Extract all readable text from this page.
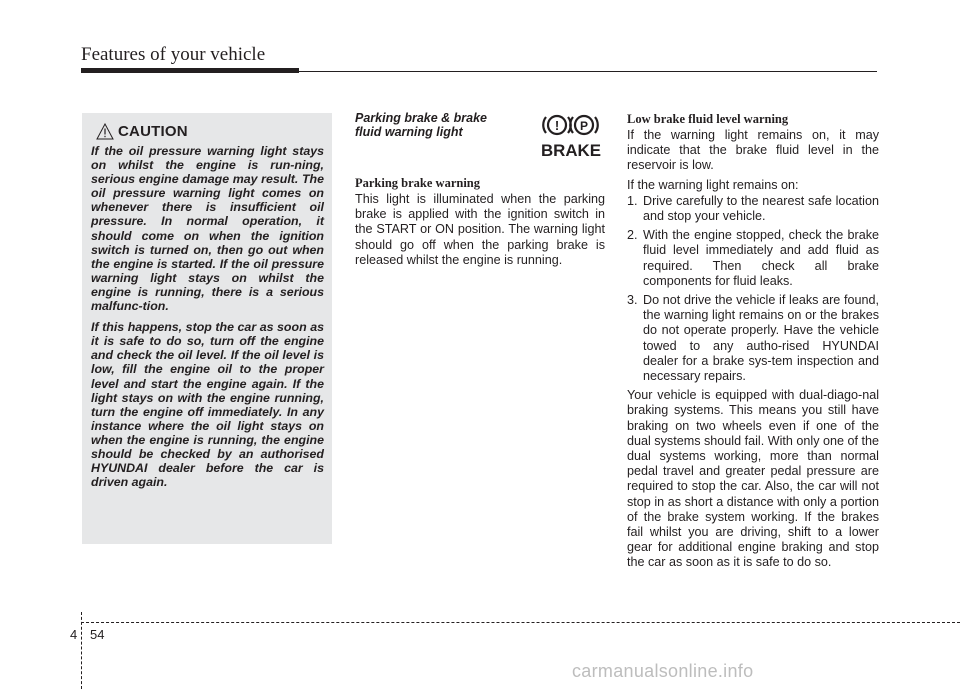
Features of your vehicle
CAUTION

If the oil pressure warning light stays on whilst the engine is run-ning, serious engine damage may result. The oil pressure warning light comes on whenever there is insufficient oil pressure. In normal operation, it should come on when the ignition switch is turned on, then go out when the engine is started. If the oil pressure warning light stays on whilst the engine is running, there is a serious malfunc-tion.

If this happens, stop the car as soon as it is safe to do so, turn off the engine and check the oil level. If the oil level is low, fill the engine oil to the proper level and start the engine again. If the light stays on with the engine running, turn the engine off immediately. In any instance where the oil light stays on when the engine is running, the engine should be checked by an authorised HYUNDAI dealer before the car is driven again.

Parking brake & brake fluid warning light
Parking brake warning

This light is illuminated when the parking brake is applied with the ignition switch in the START or ON position. The warning light should go off when the parking brake is released whilst the engine is running.

! P
BRAKE
Low brake fluid level warning

If the warning light remains on, it may indicate that the brake fluid level in the reservoir is low.

If the warning light remains on:

1. Drive carefully to the nearest safe location and stop your vehicle.
2. With the engine stopped, check the brake fluid level immediately and add fluid as required. Then check all brake components for fluid leaks.
3. Do not drive the vehicle if leaks are found, the warning light remains on or the brakes do not operate properly. Have the vehicle towed to any autho-rised HYUNDAI dealer for a brake sys-tem inspection and necessary repairs.

Your vehicle is equipped with dual-diago-nal braking systems. This means you still have braking on two wheels even if one of the dual systems should fail. With only one of the dual systems working, more than normal pedal travel and greater pedal pressure are required to stop the car. Also, the car will not stop in as short a distance with only a portion of the brake system working. If the brakes fail whilst you are driving, shift to a lower gear for additional engine braking and stop the car as soon as it is safe to do so.

4 54
carmanualsonline.info
